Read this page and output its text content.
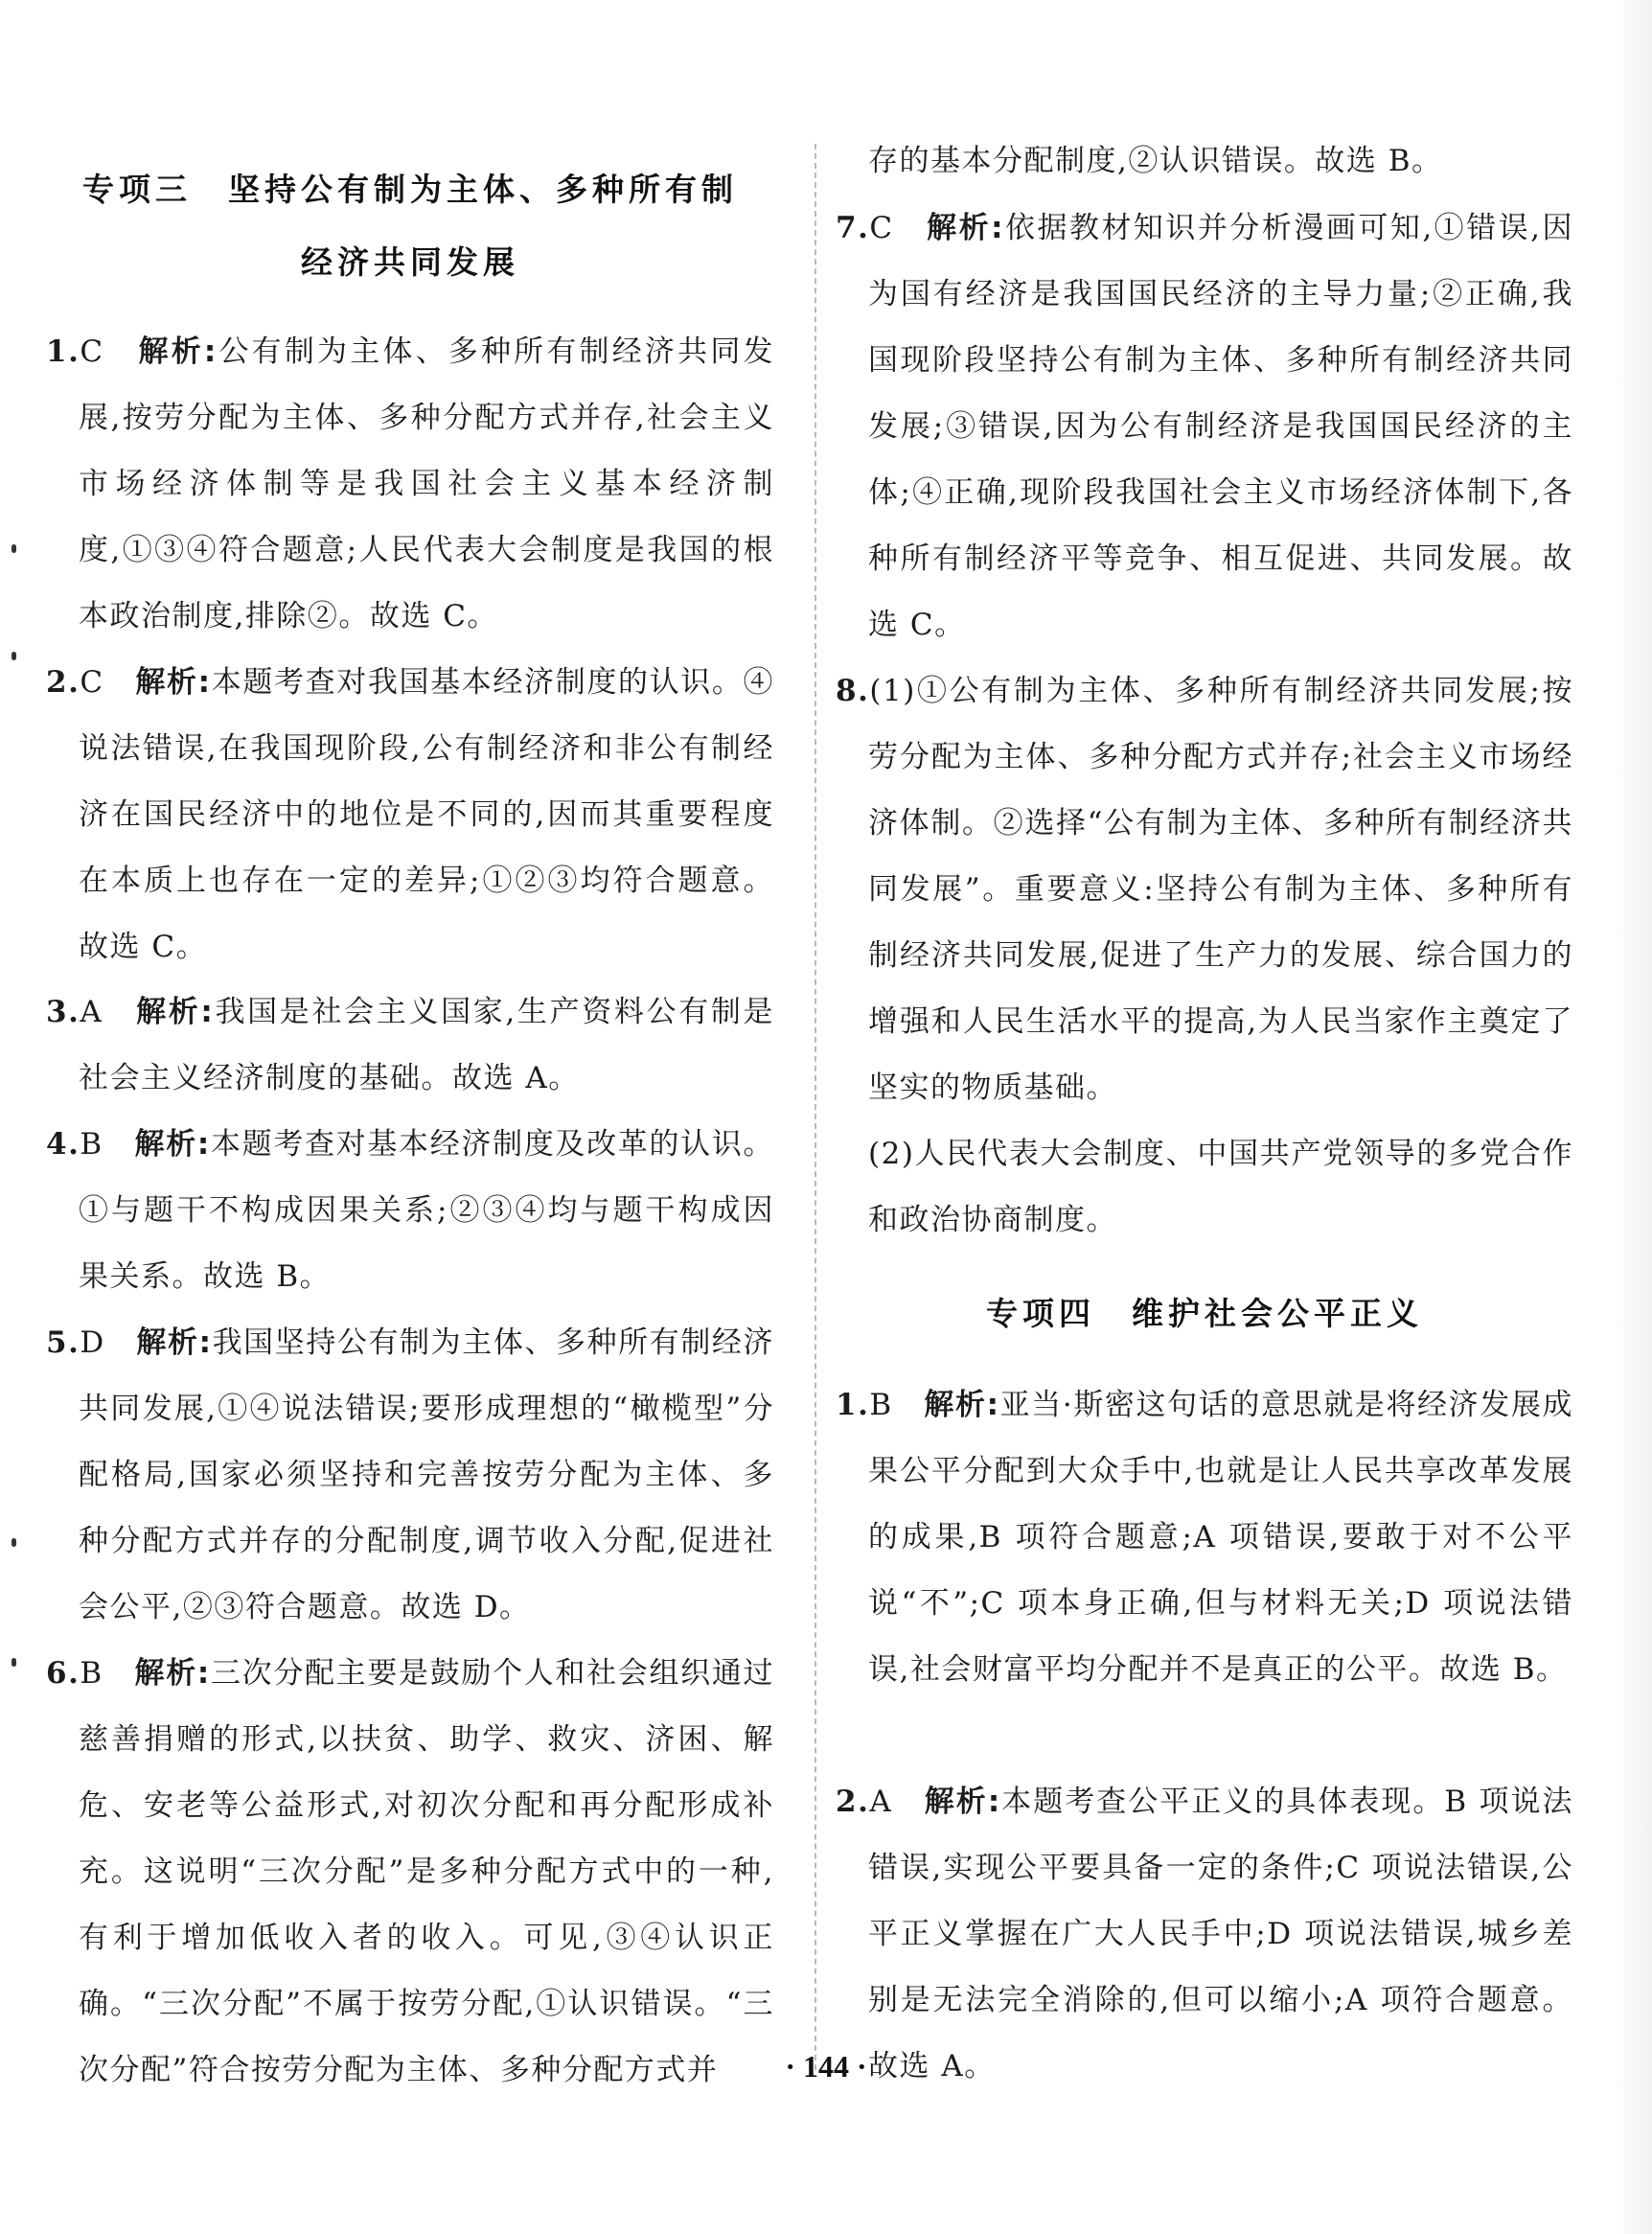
专项三　坚持公有制为主体、多种所有制
经济共同发展
1.C　 解析:公有制为主体、多种所有制经济共同发展,按劳分配为主体、多种分配方式并存,社会主义市场经济体制等是我国社会主义基本经济制度,①③④符合题意;人民代表大会制度是我国的根本政治制度,排除②。故选 C。
2.C　 解析:本题考查对我国基本经济制度的认识。④说法错误,在我国现阶段,公有制经济和非公有制经济在国民经济中的地位是不同的,因而其重要程度在本质上也存在一定的差异;①②③均符合题意。故选 C。
3.A　 解析:我国是社会主义国家,生产资料公有制是社会主义经济制度的基础。故选 A。
4.B　 解析:本题考查对基本经济制度及改革的认识。①与题干不构成因果关系;②③④均与题干构成因果关系。故选 B。
5.D　 解析:我国坚持公有制为主体、多种所有制经济共同发展,①④说法错误;要形成理想的“橄榄型”分配格局,国家必须坚持和完善按劳分配为主体、多种分配方式并存的分配制度,调节收入分配,促进社会公平,②③符合题意。故选 D。
6.B　 解析:三次分配主要是鼓励个人和社会组织通过慈善捐赠的形式,以扶贫、助学、救灾、济困、解危、安老等公益形式,对初次分配和再分配形成补充。这说明“三次分配”是多种分配方式中的一种,有利于增加低收入者的收入。可见,③④认识正确。“三次分配”不属于按劳分配,①认识错误。“三次分配”符合按劳分配为主体、多种分配方式并
存的基本分配制度,②认识错误。故选 B。
7.C　 解析:依据教材知识并分析漫画可知,①错误,因为国有经济是我国国民经济的主导力量;②正确,我国现阶段坚持公有制为主体、多种所有制经济共同发展;③错误,因为公有制经济是我国国民经济的主体;④正确,现阶段我国社会主义市场经济体制下,各种所有制经济平等竞争、相互促进、共同发展。故选 C。
8.(1)①公有制为主体、多种所有制经济共同发展;按劳分配为主体、多种分配方式并存;社会主义市场经济体制。②选择“公有制为主体、多种所有制经济共同发展”。重要意义:坚持公有制为主体、多种所有制经济共同发展,促进了生产力的发展、综合国力的增强和人民生活水平的提高,为人民当家作主奠定了坚实的物质基础。
(2)人民代表大会制度、中国共产党领导的多党合作和政治协商制度。
专项四　维护社会公平正义
1.B　 解析:亚当·斯密这句话的意思就是将经济发展成果公平分配到大众手中,也就是让人民共享改革发展的成果,B 项符合题意;A 项错误,要敢于对不公平说“不”;C 项本身正确,但与材料无关;D 项说法错误,社会财富平均分配并不是真正的公平。故选 B。
2.A　 解析:本题考查公平正义的具体表现。B 项说法错误,实现公平要具备一定的条件;C 项说法错误,公平正义掌握在广大人民手中;D 项说法错误,城乡差别是无法完全消除的,但可以缩小;A 项符合题意。故选 A。
· 144 ·
